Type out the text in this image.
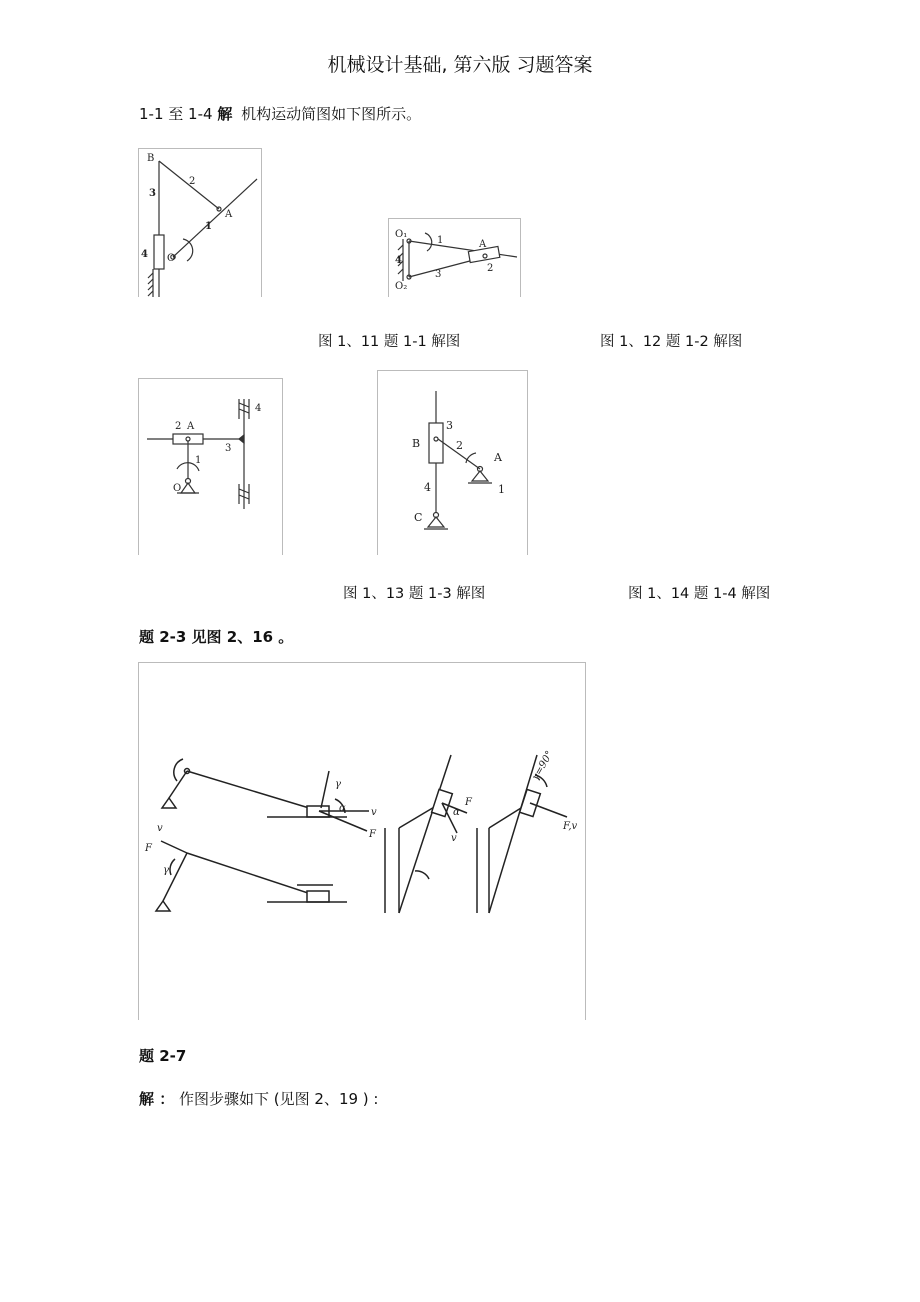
机械设计基础, 第六版 习题答案
1-1 至 1-4 解 机构运动简图如下图所示。
B
3
2
A
1
4 O
O₁
1	A
4
3
2
O₂
图 1、11 题 1-1 解图	图 1、12 题 1-2 解图
2 A
4
3
1
O
3
B	2
A
4	1
C
图 1、13 题 1-3 解图	图 1、14 题 1-4 解图
题 2-3 见图 2、16 。
v
F
α
γ
v
F
γ
F
α
v
F,v
γ=90°
题 2-7
解 ： 作图步骤如下 (见图 2、19 ) :
